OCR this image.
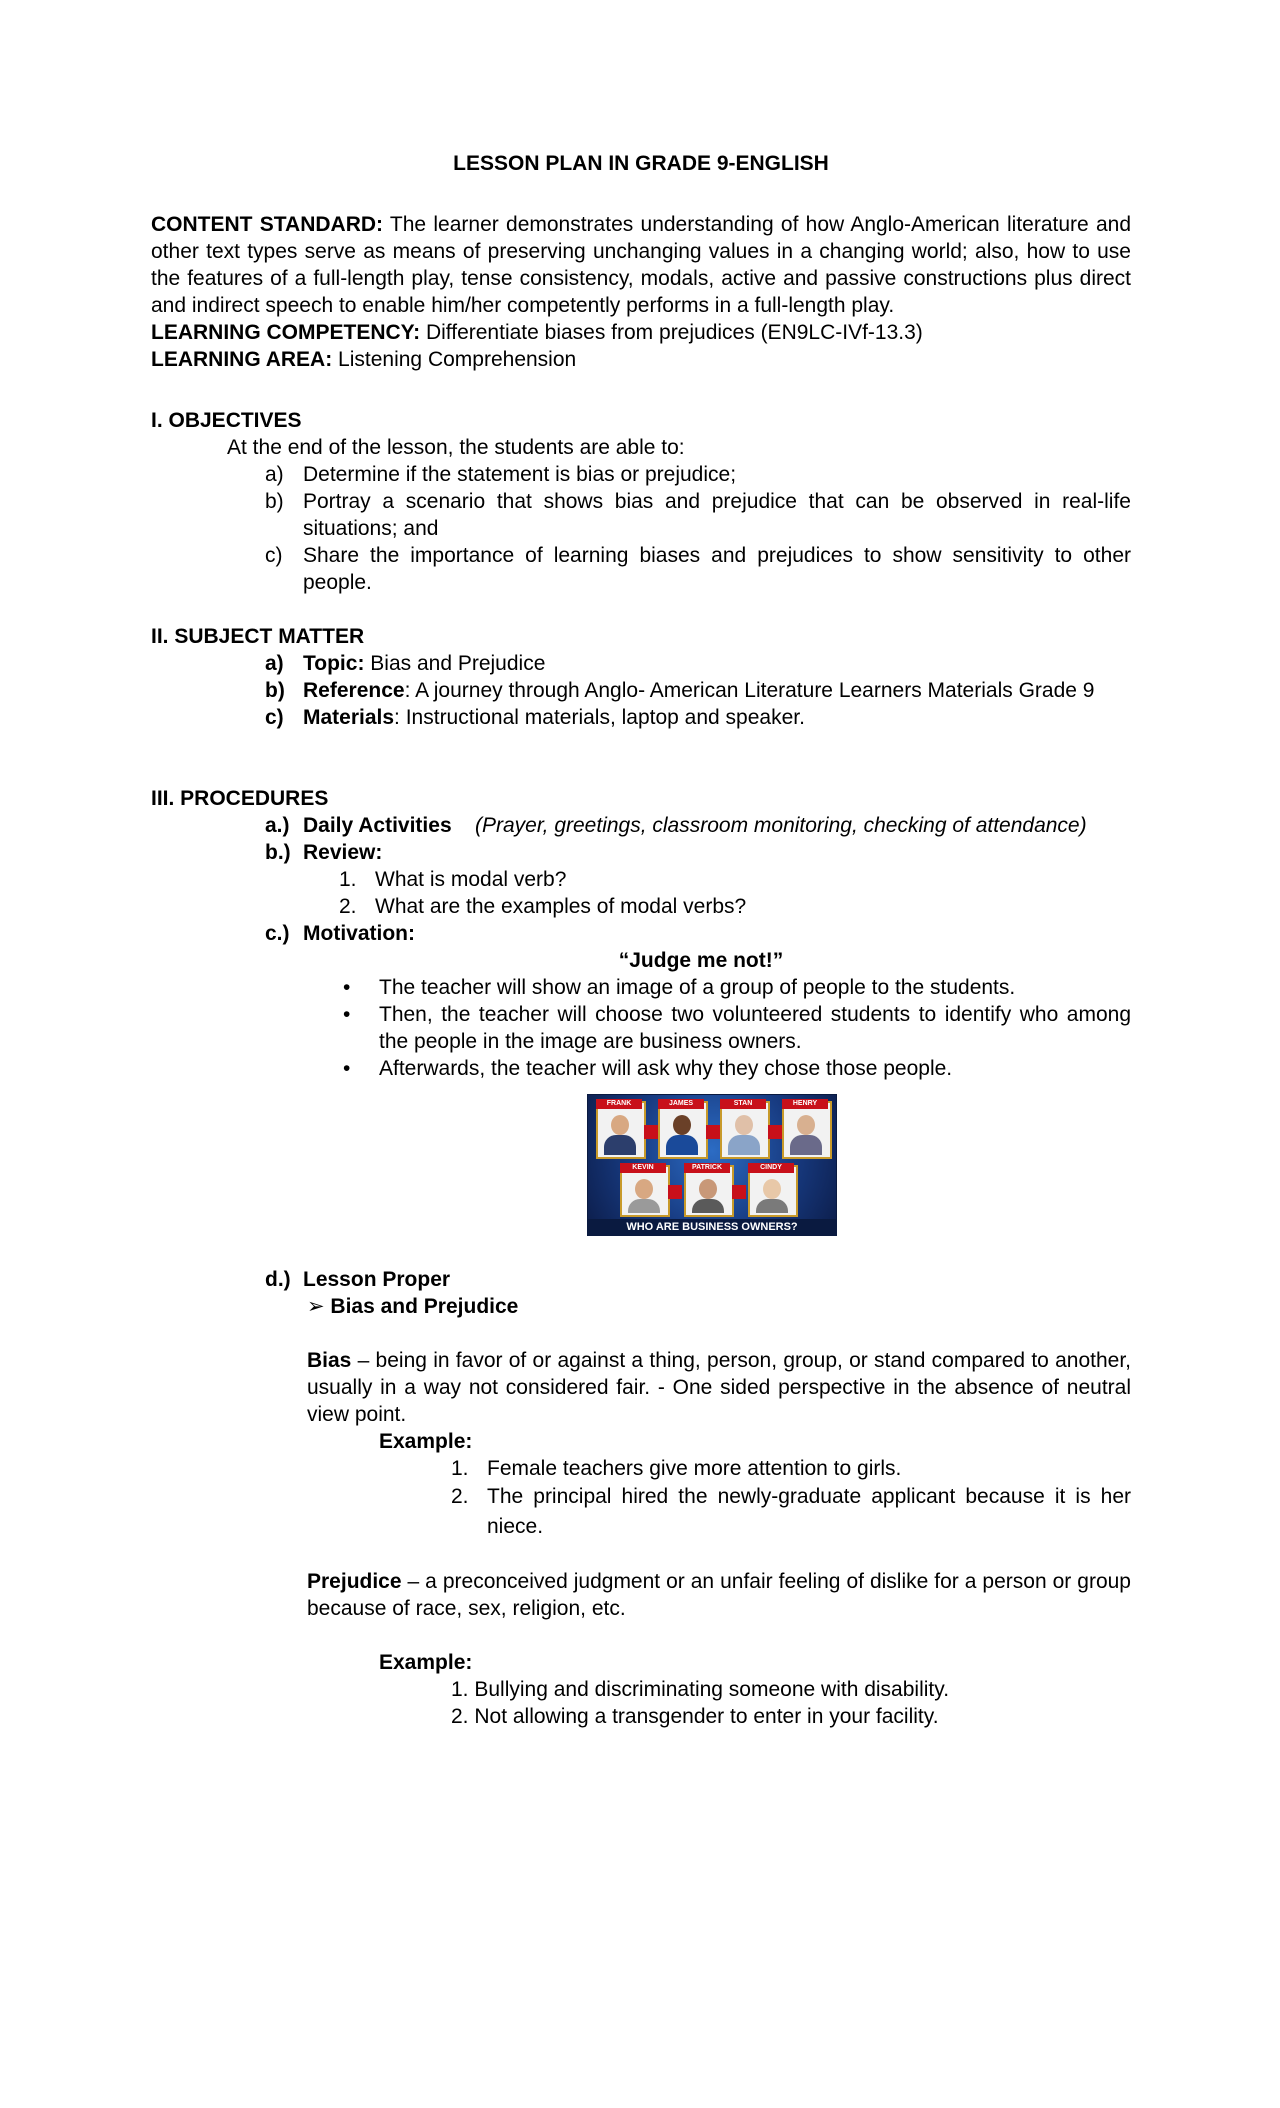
LESSON PLAN IN GRADE 9-ENGLISH

CONTENT STANDARD: The learner demonstrates understanding of how Anglo-American literature and other text types serve as means of preserving unchanging values in a changing world; also, how to use the features of a full-length play, tense consistency, modals, active and passive constructions plus direct and indirect speech to enable him/her competently performs in a full-length play.

LEARNING COMPETENCY: Differentiate biases from prejudices (EN9LC-IVf-13.3)

LEARNING AREA: Listening Comprehension

I. OBJECTIVES

At the end of the lesson, the students are able to:

a) Determine if the statement is bias or prejudice;
b) Portray a scenario that shows bias and prejudice that can be observed in real-life situations; and
c) Share the importance of learning biases and prejudices to show sensitivity to other people.

II. SUBJECT MATTER

a) Topic: Bias and Prejudice
b) Reference: A journey through Anglo- American Literature Learners Materials Grade 9
c) Materials: Instructional materials, laptop and speaker.

III. PROCEDURES

a.) Daily Activities (Prayer, greetings, classroom monitoring, checking of attendance)
b.) Review:
1. What is modal verb?
2. What are the examples of modal verbs?
c.) Motivation:

“Judge me not!”

•	The teacher will show an image of a group of people to the students.
•	Then, the teacher will choose two volunteered students to identify who among the people in the image are business owners.
•	Afterwards, the teacher will ask why they chose those people.
FRANK	JAMES	STAN	HENRY
KEVIN	PATRICK	CINDY
WHO ARE BUSINESS OWNERS?
d.) Lesson Proper

➢ Bias and Prejudice

Bias – being in favor of or against a thing, person, group, or stand compared to another, usually in a way not considered fair. - One sided perspective in the absence of neutral view point.

Example:

1. Female teachers give more attention to girls.
2. The principal hired the newly-graduate applicant because it is her niece.

Prejudice – a preconceived judgment or an unfair feeling of dislike for a person or group because of race, sex, religion, etc.

Example:

1. Bullying and discriminating someone with disability.

2. Not allowing a transgender to enter in your facility.
